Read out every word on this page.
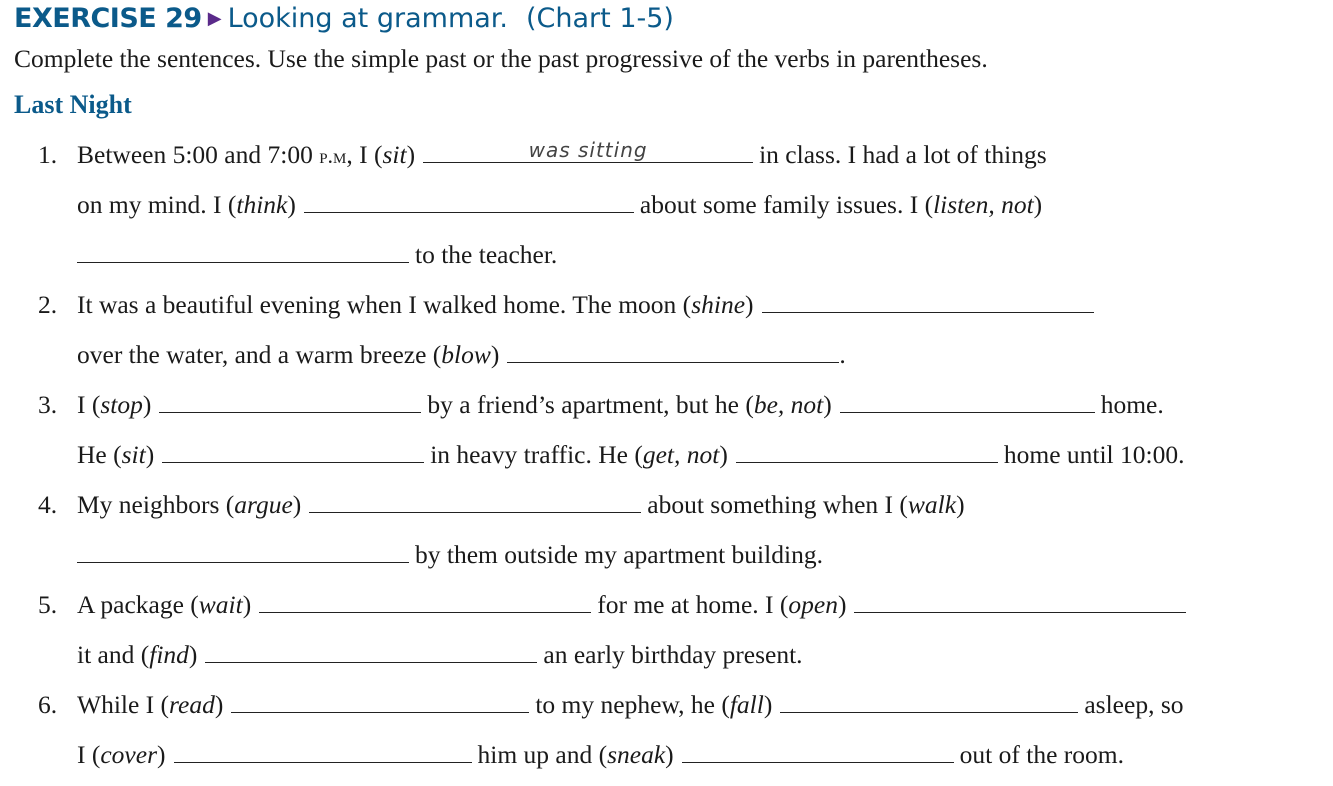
EXERCISE 29 ▶ Looking at grammar. (Chart 1-5)
Complete the sentences. Use the simple past or the past progressive of the verbs in parentheses.
Last Night
1. Between 5:00 and 7:00 p.m, I (sit)	was sitting	in class. I had a lot of things
on my mind. I (think)	about some family issues. I (listen, not)
to the teacher.
2. It was a beautiful evening when I walked home. The moon (shine)
over the water, and a warm breeze (blow)	.
3. I (stop)	by a friend’s apartment, but he (be, not)	home.
He (sit)	in heavy traffic. He (get, not)	home until 10:00.
4. My neighbors (argue)	about something when I (walk)
by them outside my apartment building.
5. A package (wait)	for me at home. I (open)
it and (find)	an early birthday present.
6. While I (read)	to my nephew, he (fall)	asleep, so
I (cover)	him up and (sneak)	out of the room.
